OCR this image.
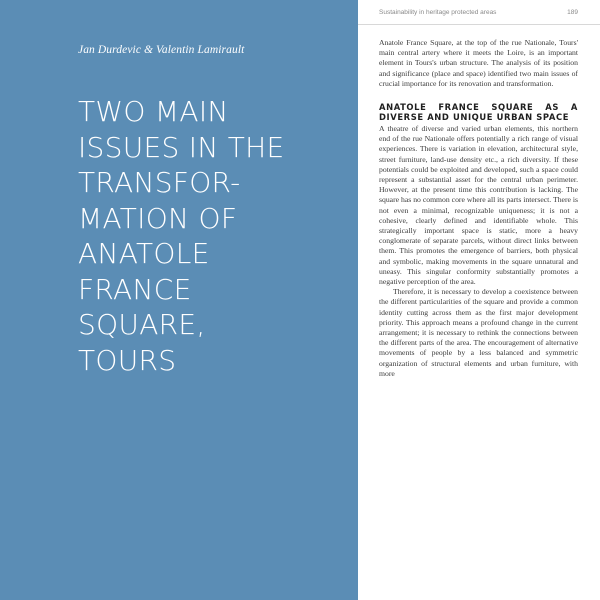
Jan Durdevic & Valentin Lamirault
TWO MAIN
ISSUES IN THE
TRANSFOR-
MATION OF
ANATOLE
FRANCE
SQUARE,
TOURS
Sustainability in heritage protected areas	189

Anatole France Square, at the top of the rue Nationale, Tours' main central artery where it meets the Loire, is an important element in Tours's urban structure. The analysis of its position and significance (place and space) identified two main issues of crucial importance for its renovation and transformation.

ANATOLE FRANCE SQUARE AS A DIVERSE AND UNIQUE URBAN SPACE

A theatre of diverse and varied urban elements, this northern end of the rue Nationale offers potentially a rich range of visual experiences. There is variation in elevation, architectural style, street furniture, land-use density etc., a rich diversity. If these potentials could be exploited and developed, such a space could represent a substantial asset for the central urban perimeter. However, at the present time this contribution is lacking. The square has no common core where all its parts intersect. There is not even a minimal, recognizable uniqueness; it is not a cohesive, clearly defined and identifiable whole. This strategically important space is static, more a heavy conglomerate of separate parcels, without direct links between them. This promotes the emergence of barriers, both physical and symbolic, making movements in the square unnatural and uneasy. This singular conformity substantially promotes a negative perception of the area.

Therefore, it is necessary to develop a coexistence between the different particularities of the square and provide a common identity cutting across them as the first major development priority. This approach means a profound change in the current arrangement; it is necessary to rethink the connections between the different parts of the area. The encouragement of alternative movements of people by a less balanced and symmetric organization of structural elements and urban furniture, with more
